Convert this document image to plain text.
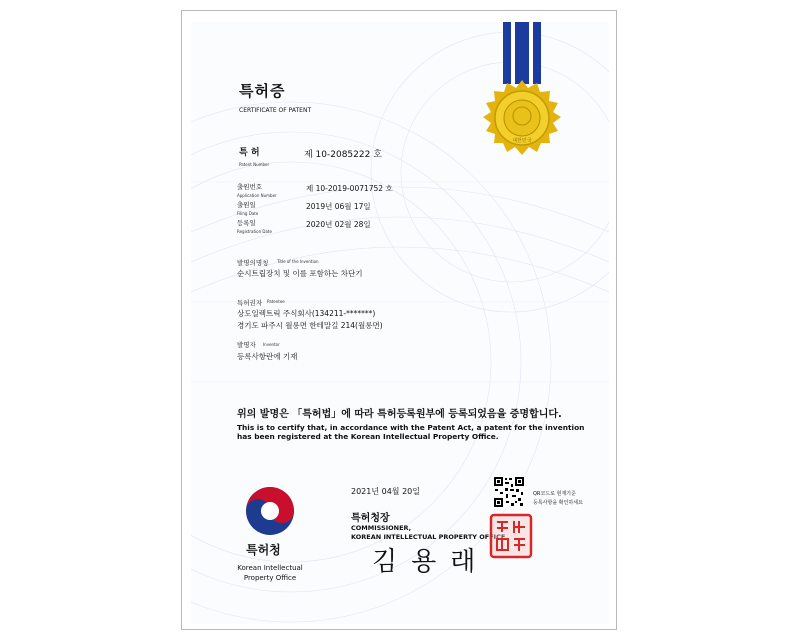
특허증
CERTIFICATE OF PATENT
대한민국
특 허
Patent Number
제 10-2085222 호
출원번호
Application Number
제 10-2019-0071752 호
출원일
Filing Date
2019년 06월 17일
등록일
Registration Date
2020년 02월 28일
발명의명칭 Title of the Invention
순시트립장치 및 이를 포함하는 차단기
특허권자 Patentee
상도일렉트릭 주식회사(134211-*******)
경기도 파주시 월롱면 한테말길 214(월롱면)
발명자 Inventor
등록사항란에 기재
위의 발명은 「특허법」에 따라 특허등록원부에 등록되었음을 증명합니다.
This is to certify that, in accordance with the Patent Act, a patent for the invention
has been registered at the Korean Intellectual Property Office.
특허청
Korean Intellectual
Property Office
2021년 04월 20일	QR코드로 현재기준
등록사항을 확인하세요
특허청장
COMMISSIONER,
KOREAN INTELLECTUAL PROPERTY OFFICE
김용래
